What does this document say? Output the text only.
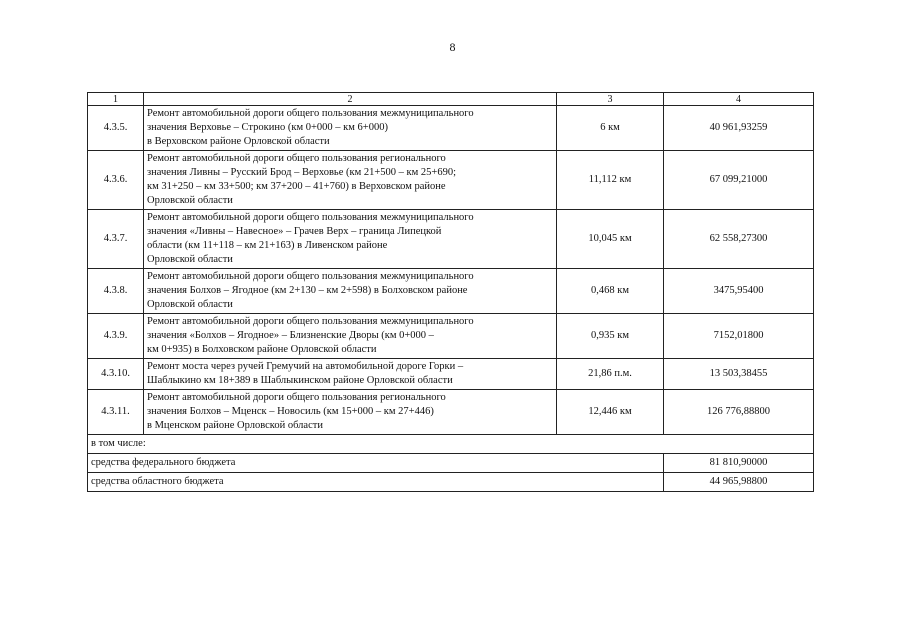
8
1	2	3	4
4.3.5.	Ремонт автомобильной дороги общего пользования межмуниципального
значения Верховье – Строкино (км 0+000 – км 6+000)
в Верховском районе Орловской области	6 км	40 961,93259
4.3.6.	Ремонт автомобильной дороги общего пользования регионального
значения Ливны – Русский Брод – Верховье (км 21+500 – км 25+690;
км 31+250 – км 33+500; км 37+200 – 41+760) в Верховском районе
Орловской области	11,112 км	67 099,21000
4.3.7.	Ремонт автомобильной дороги общего пользования межмуниципального
значения «Ливны – Навесное» – Грачев Верх – граница Липецкой
области (км 11+118 – км 21+163) в Ливенском районе
Орловской области	10,045 км	62 558,27300
4.3.8.	Ремонт автомобильной дороги общего пользования межмуниципального
значения Болхов – Ягодное (км 2+130 – км 2+598) в Болховском районе
Орловской области	0,468 км	3475,95400
4.3.9.	Ремонт автомобильной дороги общего пользования межмуниципального
значения «Болхов – Ягодное» – Близненские Дворы (км 0+000 –
км 0+935) в Болховском районе Орловской области	0,935 км	7152,01800
4.3.10.	Ремонт моста через ручей Гремучий на автомобильной дороге Горки –
Шаблыкино км 18+389 в Шаблыкинском районе Орловской области	21,86 п.м.	13 503,38455
4.3.11.	Ремонт автомобильной дороги общего пользования регионального
значения Болхов – Мценск – Новосиль (км 15+000 – км 27+446)
в Мценском районе Орловской области	12,446 км	126 776,88800
в том числе:			
средства федерального бюджета			81 810,90000
средства областного бюджета			44 965,98800
